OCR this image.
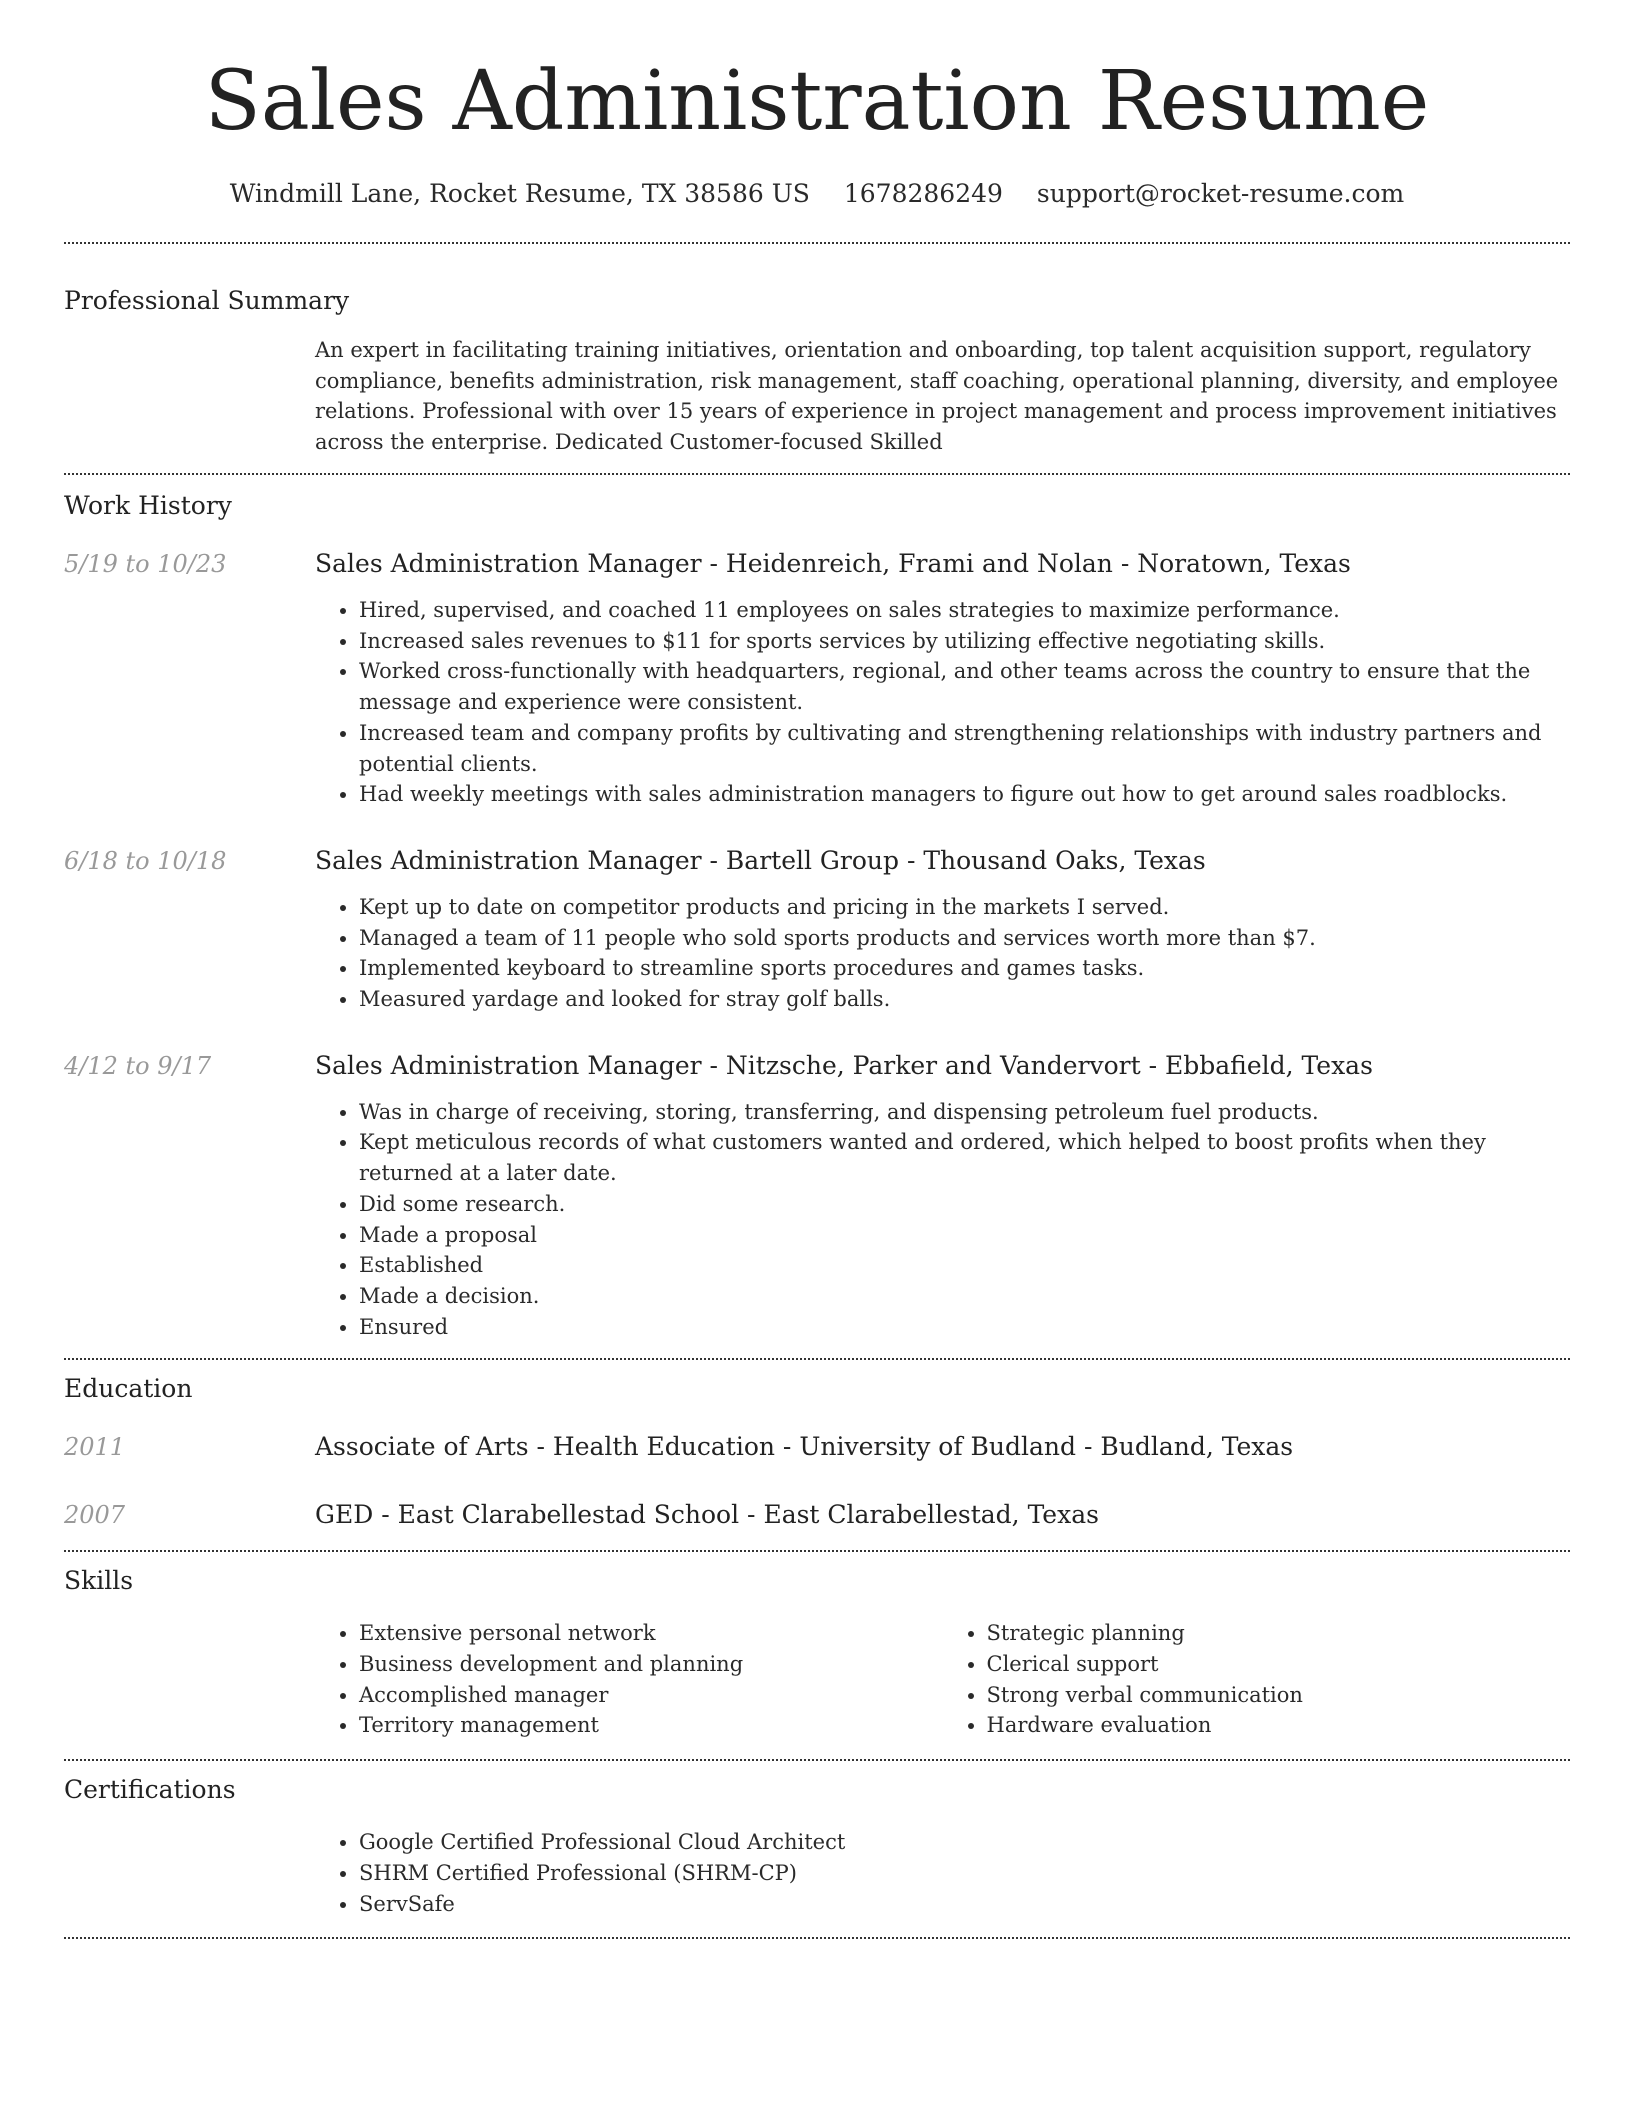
Sales Administration Resume
Windmill Lane, Rocket Resume, TX 38586 US 1678286249 support@rocket-resume.com
Professional Summary
An expert in facilitating training initiatives, orientation and onboarding, top talent acquisition support, regulatory compliance, benefits administration, risk management, staff coaching, operational planning, diversity, and employee relations. Professional with over 15 years of experience in project management and process improvement initiatives across the enterprise. Dedicated Customer-focused Skilled
Work History
5/19 to 10/23	Sales Administration Manager - Heidenreich, Frami and Nolan - Noratown, Texas
• Hired, supervised, and coached 11 employees on sales strategies to maximize performance.
• Increased sales revenues to $11 for sports services by utilizing effective negotiating skills.
• Worked cross-functionally with headquarters, regional, and other teams across the country to ensure that the message and experience were consistent.
• Increased team and company profits by cultivating and strengthening relationships with industry partners and potential clients.
• Had weekly meetings with sales administration managers to figure out how to get around sales roadblocks.
6/18 to 10/18	Sales Administration Manager - Bartell Group - Thousand Oaks, Texas
• Kept up to date on competitor products and pricing in the markets I served.
• Managed a team of 11 people who sold sports products and services worth more than $7.
• Implemented keyboard to streamline sports procedures and games tasks.
• Measured yardage and looked for stray golf balls.
4/12 to 9/17	Sales Administration Manager - Nitzsche, Parker and Vandervort - Ebbafield, Texas
• Was in charge of receiving, storing, transferring, and dispensing petroleum fuel products.
• Kept meticulous records of what customers wanted and ordered, which helped to boost profits when they returned at a later date.
• Did some research.
• Made a proposal
• Established
• Made a decision.
• Ensured
Education
2011	Associate of Arts - Health Education - University of Budland - Budland, Texas
2007	GED - East Clarabellestad School - East Clarabellestad, Texas
Skills
• Extensive personal network
• Business development and planning
• Accomplished manager
• Territory management
• Strategic planning
• Clerical support
• Strong verbal communication
• Hardware evaluation
Certifications
• Google Certified Professional Cloud Architect
• SHRM Certified Professional (SHRM-CP)
• ServSafe
